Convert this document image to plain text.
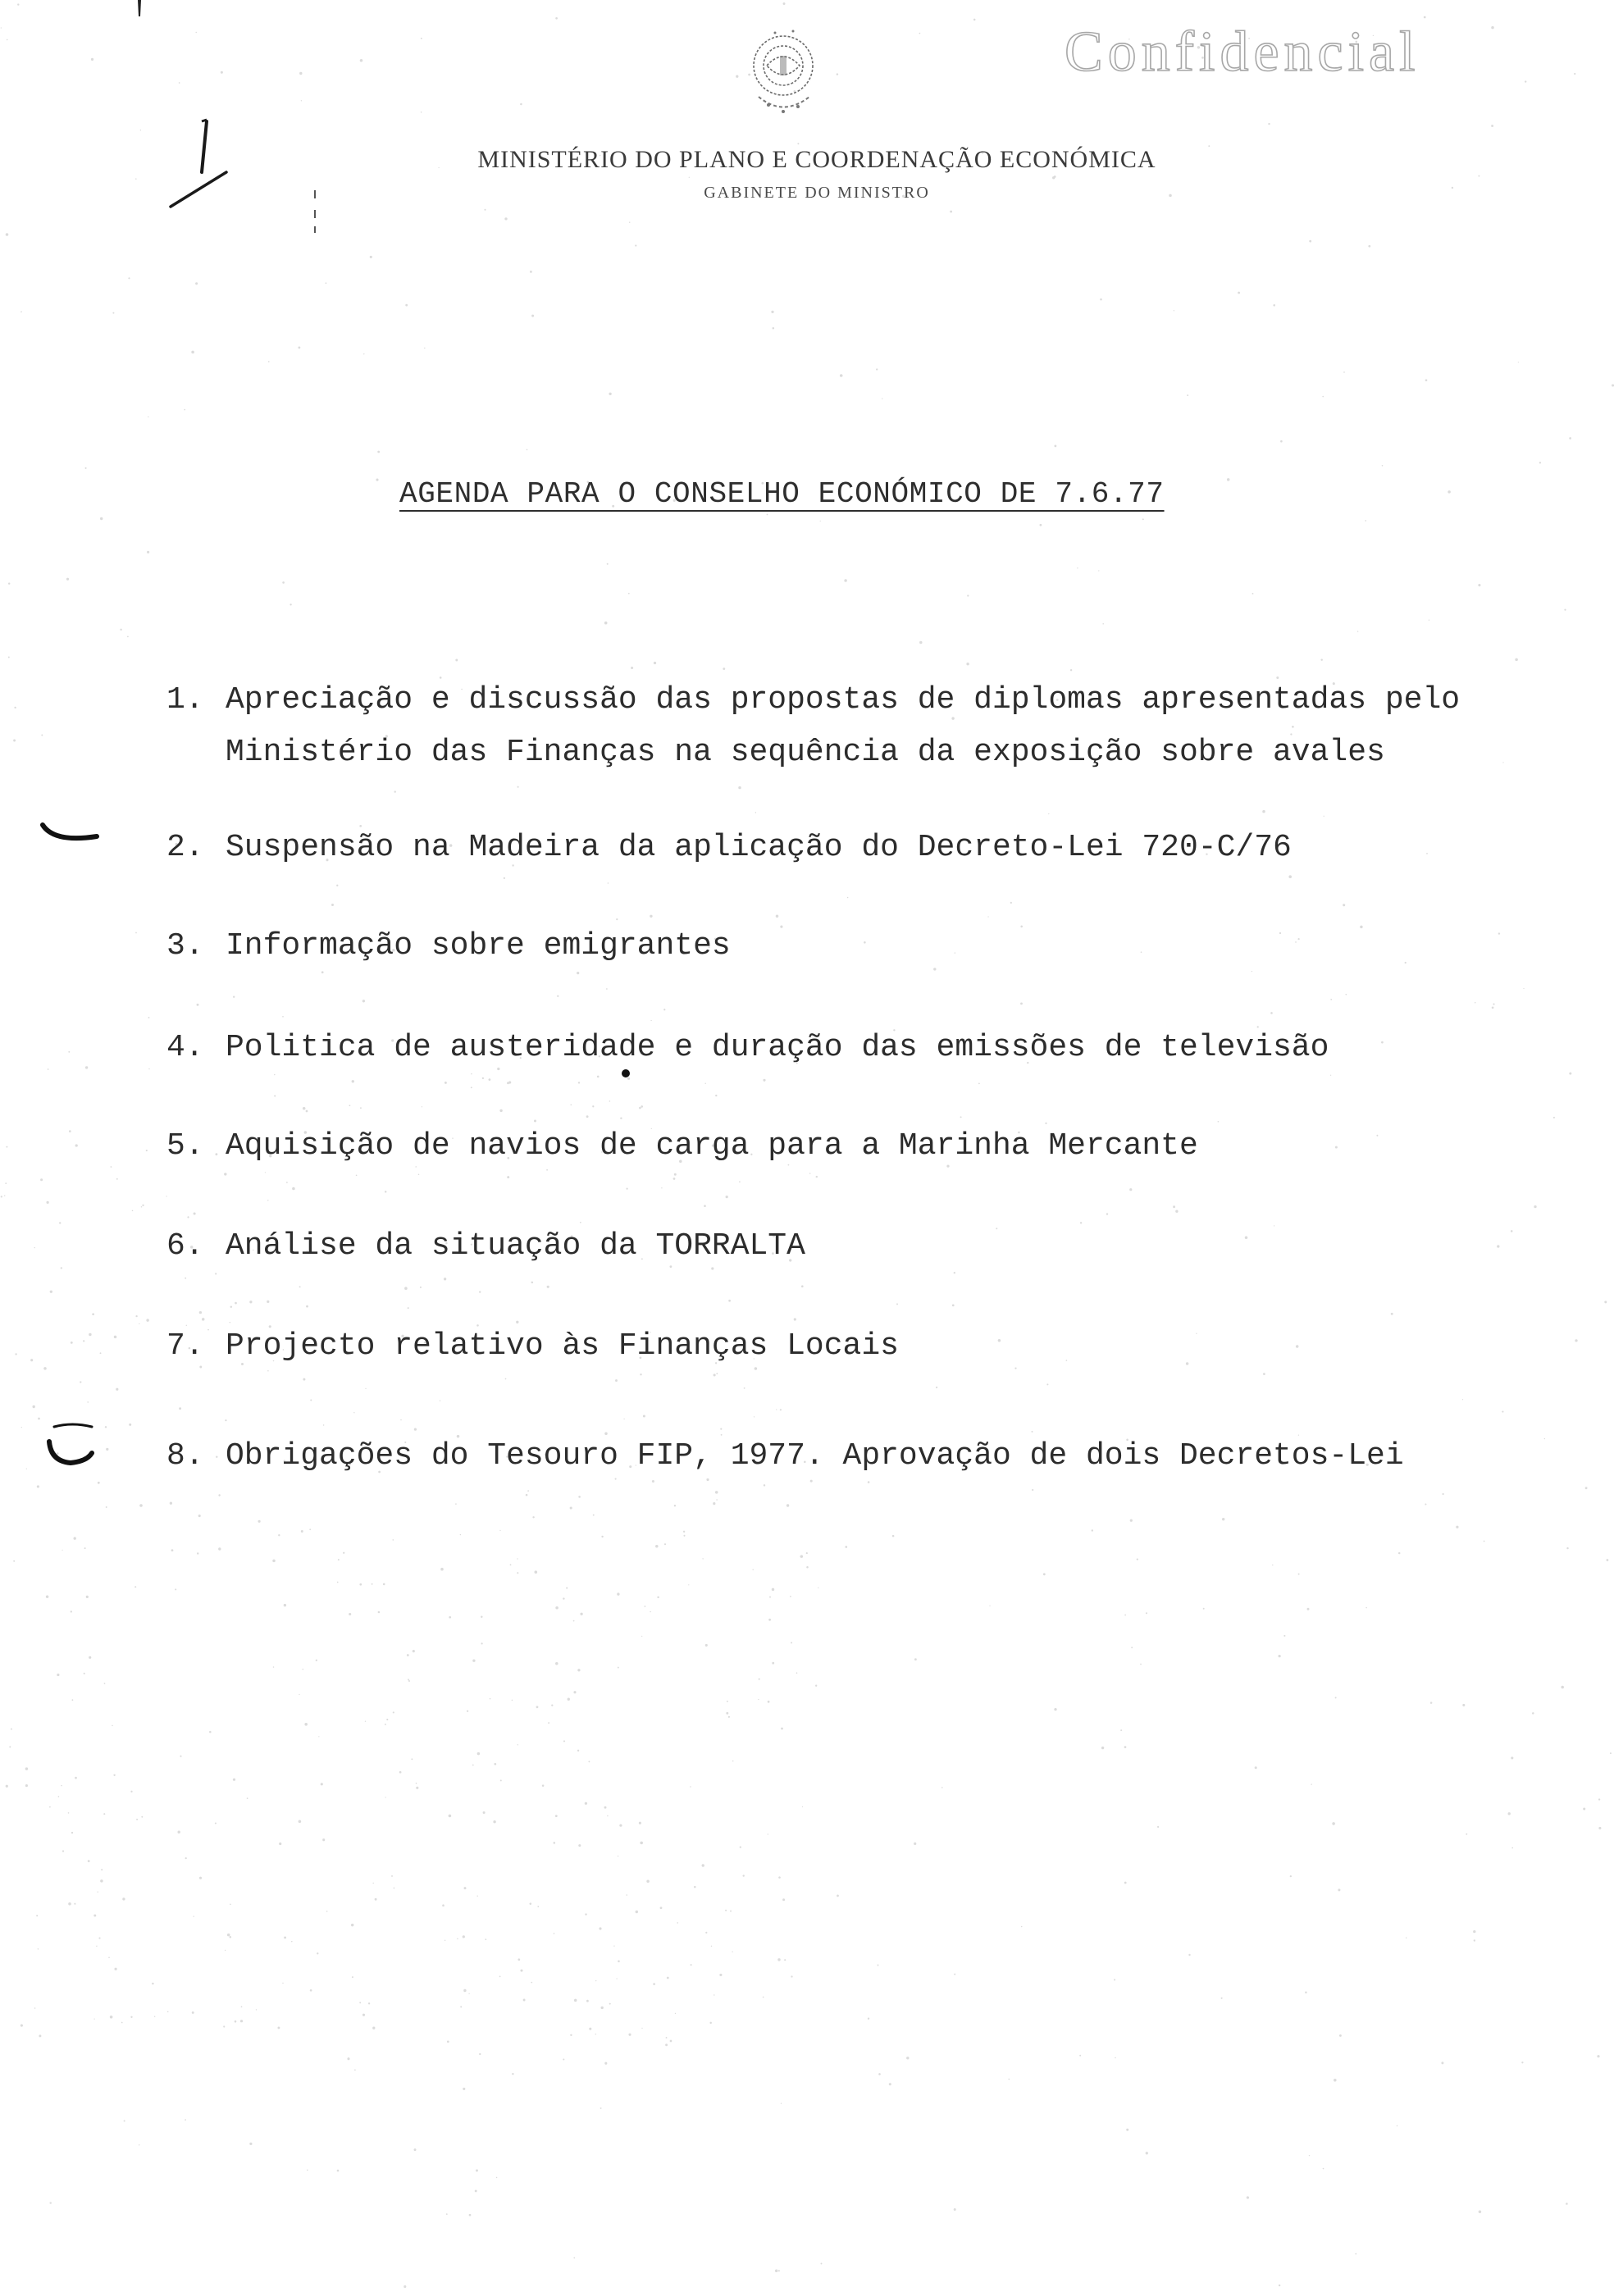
Confidencial
MINISTÉRIO DO PLANO E COORDENAÇÃO ECONÓMICA
GABINETE DO MINISTRO
AGENDA PARA O CONSELHO ECONÓMICO DE 7.6.77
1. Apreciação e discussão das propostas de diplomas apresentadas pelo
Ministério das Finanças na sequência da exposição sobre avales
2. Suspensão na Madeira da aplicação do Decreto-Lei 720-C/76
3. Informação sobre emigrantes
4. Politica de austeridade e duração das emissões de televisão
5. Aquisição de navios de carga para a Marinha Mercante
6. Análise da situação da TORRALTA
7. Projecto relativo às Finanças Locais
8. Obrigações do Tesouro FIP, 1977. Aprovação de dois Decretos-Lei
